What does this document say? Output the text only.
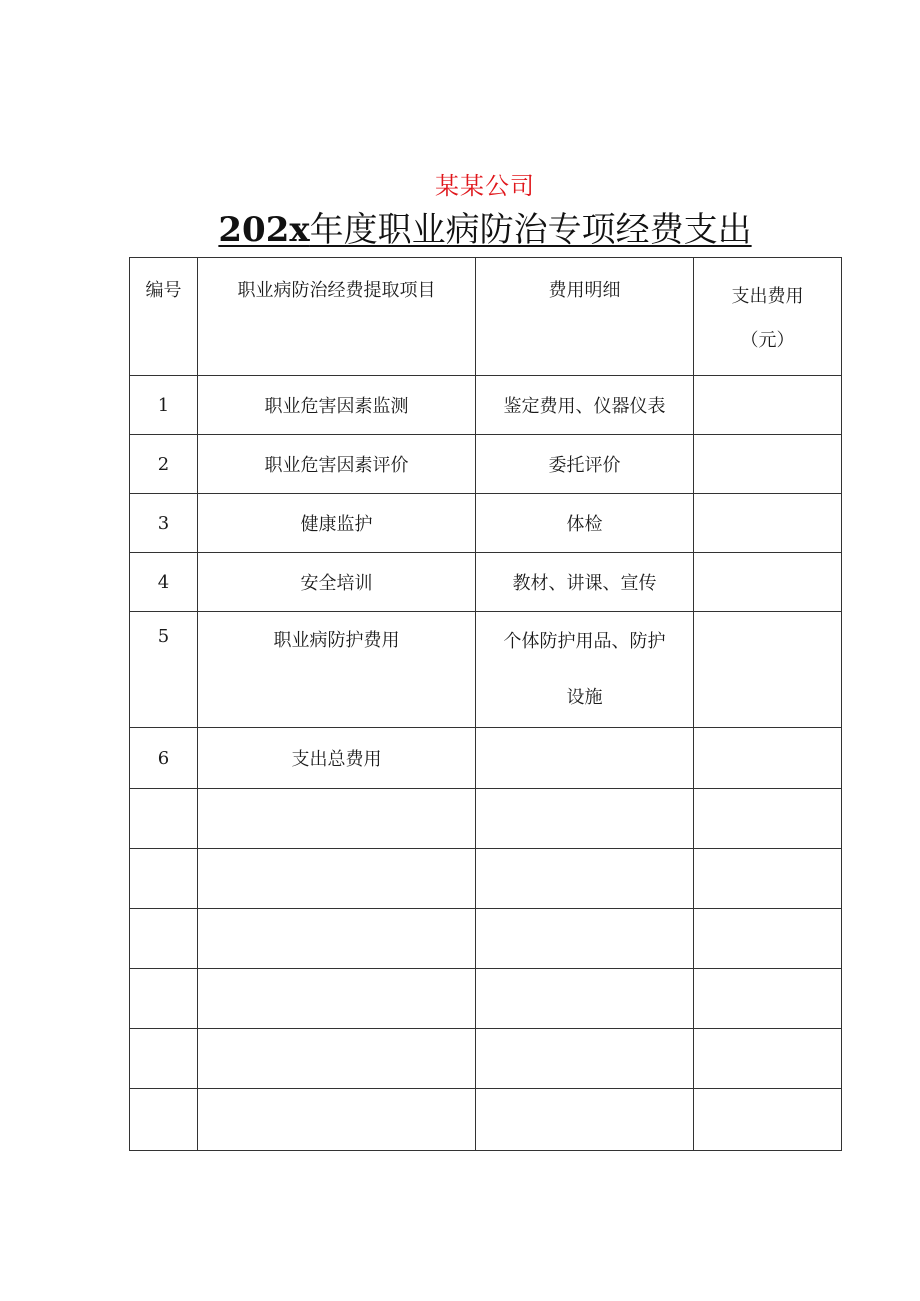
某某公司
202x年度职业病防治专项经费支出
编号	职业病防治经费提取项目	费用明细	支出费用
（元）

1	职业危害因素监测	鉴定费用、仪器仪表	
2	职业危害因素评价	委托评价	
3	健康监护	体检	
4	安全培训	教材、讲课、宣传	
5	职业病防护费用	个体防护用品、防护
设施	
6	支出总费用		
